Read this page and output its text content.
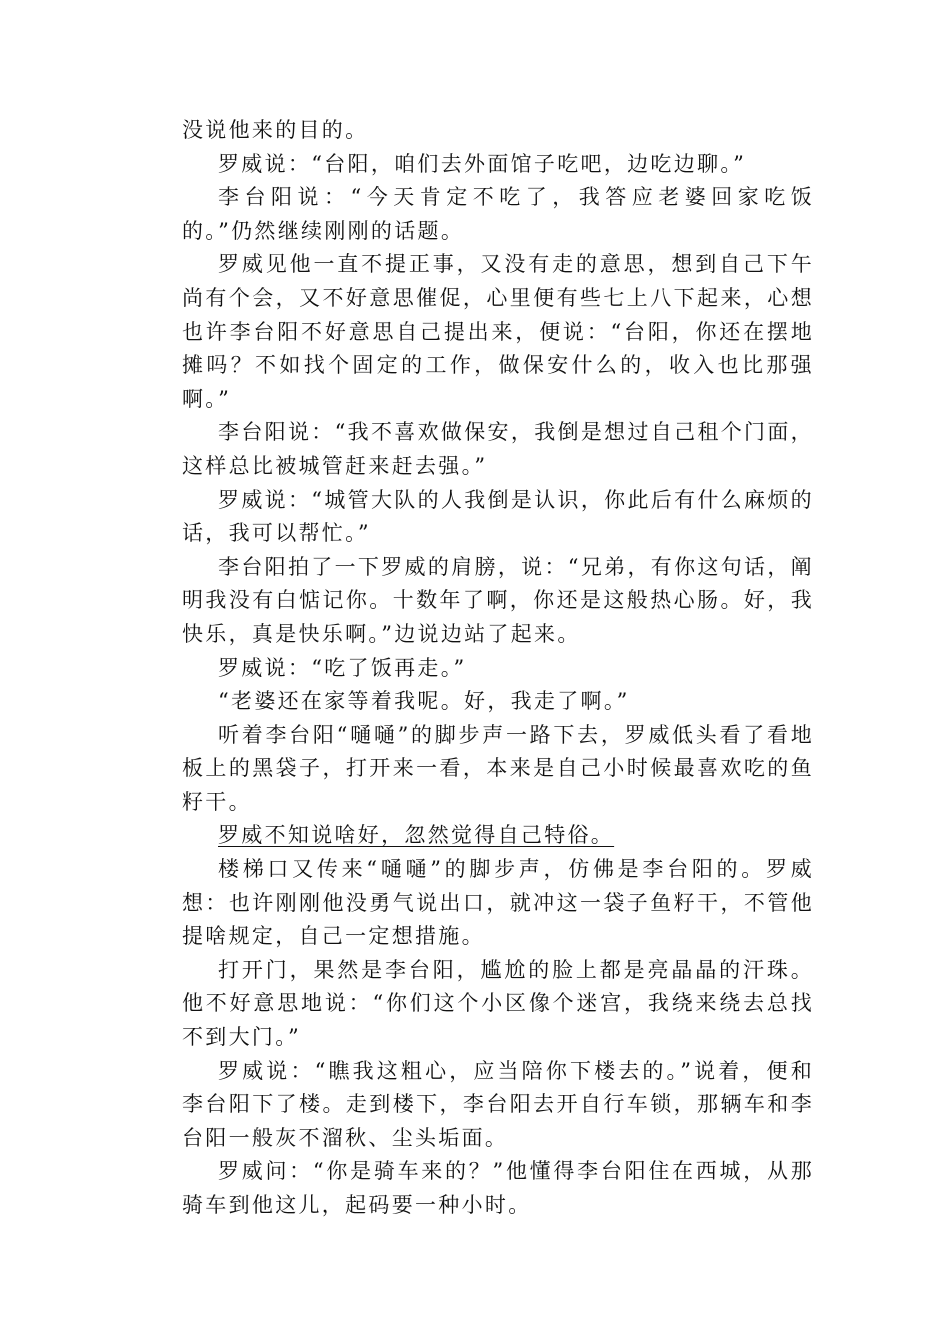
没说他来的目的。

罗威说：“台阳，咱们去外面馆子吃吧，边吃边聊。”

李台阳说：“今天肯定不吃了，我答应老婆回家吃饭的。”仍然继续刚刚的话题。

罗威见他一直不提正事，又没有走的意思，想到自己下午尚有个会，又不好意思催促，心里便有些七上八下起来，心想也许李台阳不好意思自己提出来，便说：“台阳，你还在摆地摊吗？不如找个固定的工作，做保安什么的，收入也比那强啊。”

李台阳说：“我不喜欢做保安，我倒是想过自己租个门面，这样总比被城管赶来赶去强。”

罗威说：“城管大队的人我倒是认识，你此后有什么麻烦的话，我可以帮忙。”

李台阳拍了一下罗威的肩膀，说：“兄弟，有你这句话，阐明我没有白惦记你。十数年了啊，你还是这般热心肠。好，我快乐，真是快乐啊。”边说边站了起来。

罗威说：“吃了饭再走。”

“老婆还在家等着我呢。好，我走了啊。”

听着李台阳“嗵嗵”的脚步声一路下去，罗威低头看了看地板上的黑袋子，打开来一看，本来是自己小时候最喜欢吃的鱼籽干。

罗威不知说啥好，忽然觉得自己特俗。

楼梯口又传来“嗵嗵”的脚步声，仿佛是李台阳的。罗威想：也许刚刚他没勇气说出口，就冲这一袋子鱼籽干，不管他提啥规定，自己一定想措施。

打开门，果然是李台阳，尴尬的脸上都是亮晶晶的汗珠。他不好意思地说：“你们这个小区像个迷宫，我绕来绕去总找不到大门。”

罗威说：“瞧我这粗心，应当陪你下楼去的。”说着，便和李台阳下了楼。走到楼下，李台阳去开自行车锁，那辆车和李台阳一般灰不溜秋、尘头垢面。

罗威问：“你是骑车来的？”他懂得李台阳住在西城，从那骑车到他这儿，起码要一种小时。
